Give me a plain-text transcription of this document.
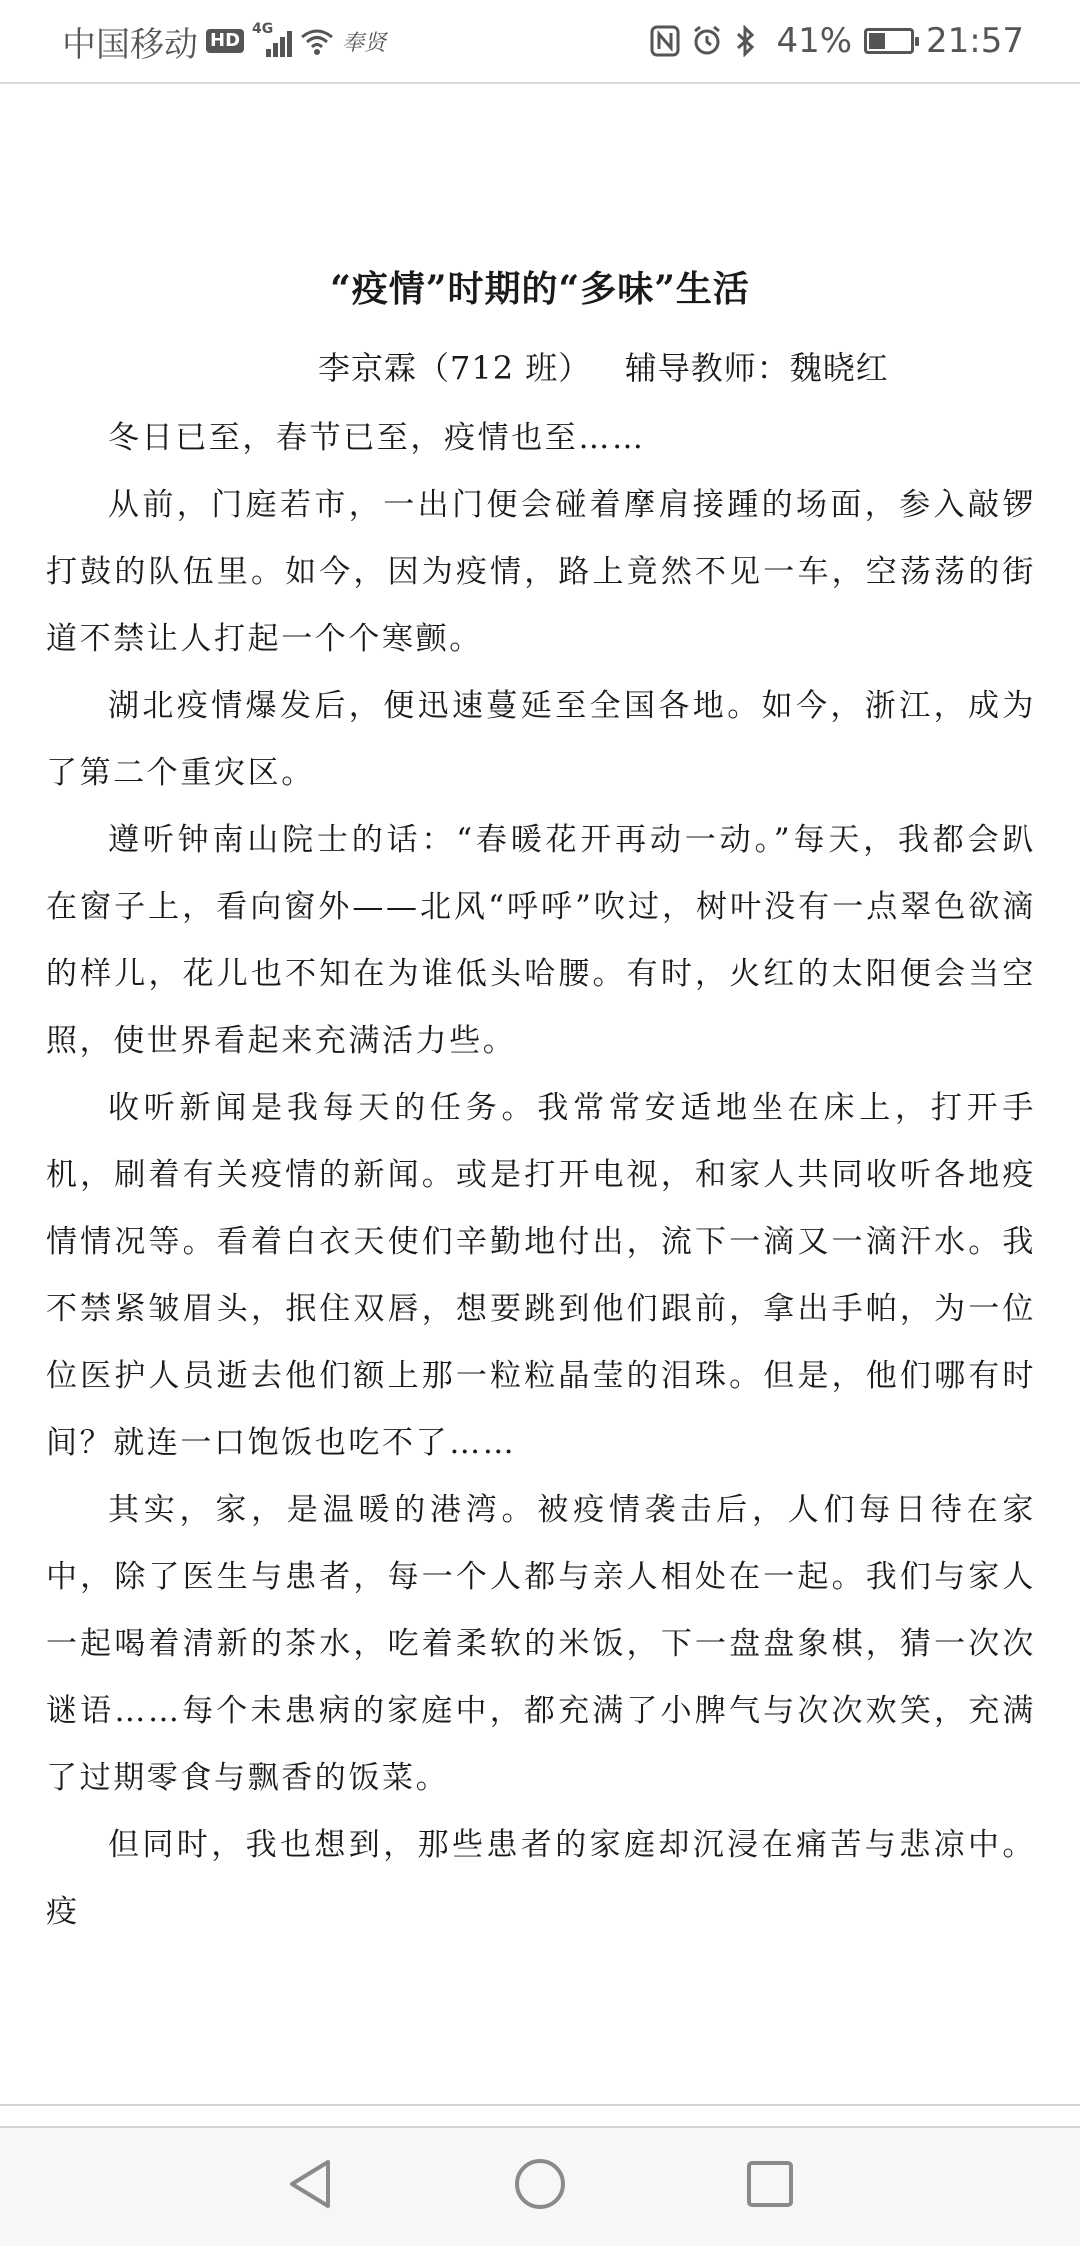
中国移动 HD
4G
奉贤	41% 21:57
“疫情”时期的“多味”生活
李京霖（712 班）   辅导教师：魏晓红

冬日已至，春节已至，疫情也至……

从前，门庭若市，一出门便会碰着摩肩接踵的场面，参入敲锣打鼓的队伍里。如今，因为疫情，路上竟然不见一车，空荡荡的街道不禁让人打起一个个寒颤。

湖北疫情爆发后，便迅速蔓延至全国各地。如今，浙江，成为了第二个重灾区。

遵听钟南山院士的话：“春暖花开再动一动。”每天，我都会趴在窗子上，看向窗外——北风“呼呼”吹过，树叶没有一点翠色欲滴的样儿，花儿也不知在为谁低头哈腰。有时，火红的太阳便会当空照，使世界看起来充满活力些。

收听新闻是我每天的任务。我常常安适地坐在床上，打开手机，刷着有关疫情的新闻。或是打开电视，和家人共同收听各地疫情情况等。看着白衣天使们辛勤地付出，流下一滴又一滴汗水。我不禁紧皱眉头，抿住双唇，想要跳到他们跟前，拿出手帕，为一位位医护人员逝去他们额上那一粒粒晶莹的泪珠。但是，他们哪有时间？就连一口饱饭也吃不了……

其实，家，是温暖的港湾。被疫情袭击后，人们每日待在家中，除了医生与患者，每一个人都与亲人相处在一起。我们与家人一起喝着清新的茶水，吃着柔软的米饭，下一盘盘象棋，猜一次次谜语……每个未患病的家庭中，都充满了小脾气与次次欢笑，充满了过期零食与飘香的饭菜。

但同时，我也想到，那些患者的家庭却沉浸在痛苦与悲凉中。疫
